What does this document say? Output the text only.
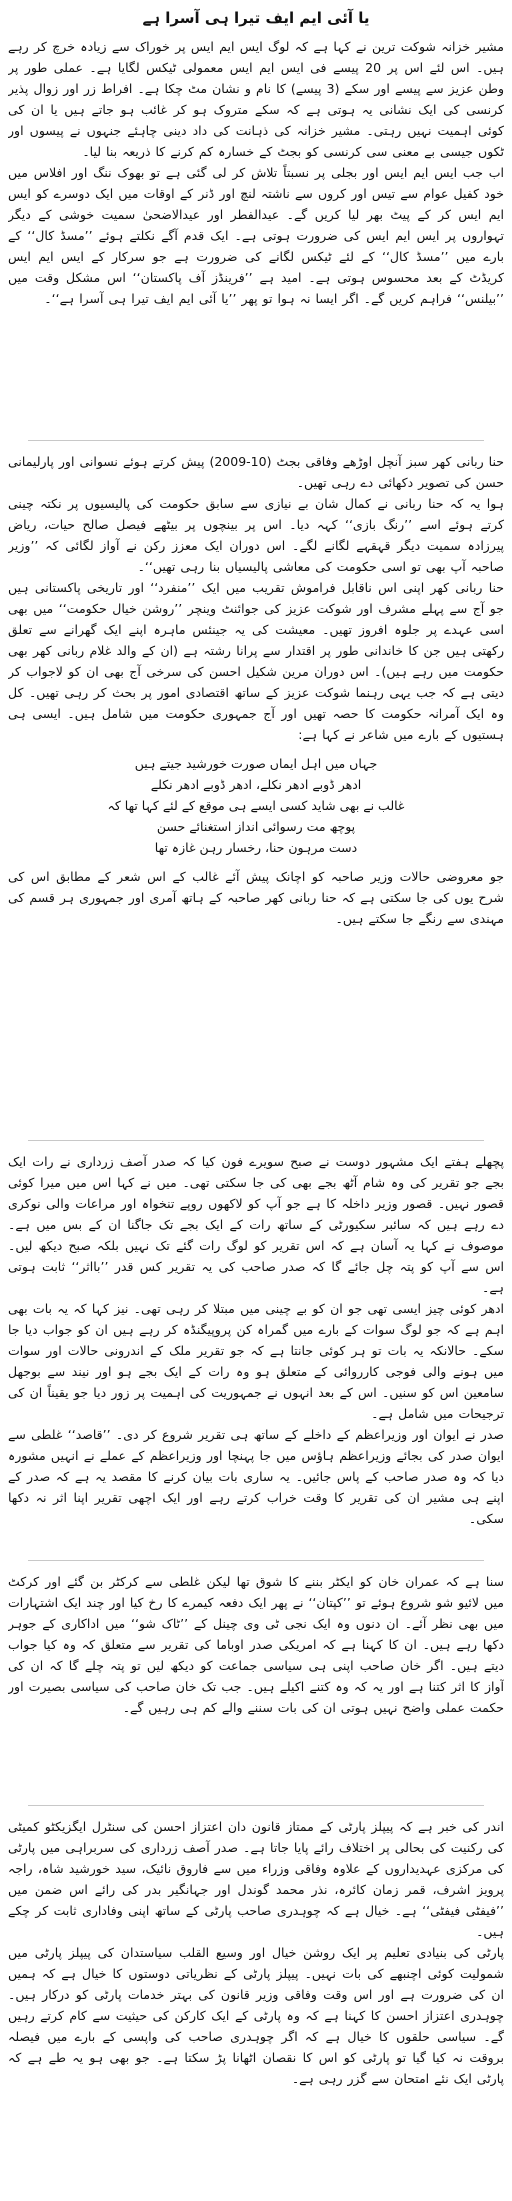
یا آئی ایم ایف تیرا ہی آسرا ہے

مشیر خزانہ شوکت ترین نے کہا ہے کہ لوگ ایس ایم ایس پر خوراک سے زیادہ خرچ کر رہے ہیں۔ اس لئے اس پر 20 پیسے فی ایس ایم ایس معمولی ٹیکس لگایا ہے۔ عملی طور پر وطن عزیز سے پیسے اور سکے (3 پیسے) کا نام و نشان مٹ چکا ہے۔ افراط زر اور زوال پذیر کرنسی کی ایک نشانی یہ ہوتی ہے کہ سکے متروک ہو کر غائب ہو جاتے ہیں یا ان کی کوئی اہمیت نہیں رہتی۔ مشیر خزانہ کی ذہانت کی داد دینی چاہئے جنہوں نے پیسوں اور ٹکوں جیسی بے معنی سی کرنسی کو بجٹ کے خسارہ کم کرنے کا ذریعہ بنا لیا۔

اب جب ایس ایم ایس اور بجلی پر نسبتاً تلاش کر لی گئی ہے تو بھوک ننگ اور افلاس میں خود کفیل عوام سے تیس اور کروں سے ناشتہ لنچ اور ڈنر کے اوقات میں ایک دوسرے کو ایس ایم ایس کر کے پیٹ بھر لیا کریں گے۔ عیدالفطر اور عیدالاضحیٰ سمیت خوشی کے دیگر تہواروں پر ایس ایم ایس کی ضرورت ہوتی ہے۔ ایک قدم آگے نکلتے ہوئے ’’مسڈ کال‘‘ کے بارے میں ’’مسڈ کال‘‘ کے لئے ٹیکس لگانے کی ضرورت ہے جو سرکار کے ایس ایم ایس کریڈٹ کے بعد محسوس ہوتی ہے۔ امید ہے ’’فرینڈز آف پاکستان‘‘ اس مشکل وقت میں ’’بیلنس‘‘ فراہم کریں گے۔ اگر ایسا نہ ہوا تو پھر ’’یا آئی ایم ایف تیرا ہی آسرا ہے‘‘۔

حنا ربانی کھر سبز آنچل اوڑھے وفاقی بجٹ (10-2009) پیش کرتے ہوئے نسوانی اور پارلیمانی حسن کی تصویر دکھائی دے رہی تھیں۔

ہوا یہ کہ حنا ربانی نے کمال شان بے نیازی سے سابق حکومت کی پالیسیوں پر نکتہ چینی کرتے ہوئے اسے ’’رنگ بازی‘‘ کہہ دیا۔ اس پر بینچوں پر بیٹھے فیصل صالح حیات، ریاض پیرزادہ سمیت دیگر قہقہے لگانے لگے۔ اس دوران ایک معزز رکن نے آواز لگائی کہ ’’وزیر صاحبہ آپ بھی تو اسی حکومت کی معاشی پالیسیاں بنا رہی تھیں‘‘۔

حنا ربانی کھر اپنی اس ناقابل فراموش تقریب میں ایک ’’منفرد‘‘ اور تاریخی پاکستانی ہیں جو آج سے پہلے مشرف اور شوکت عزیز کی جوائنٹ وینچر ’’روشن خیال حکومت‘‘ میں بھی اسی عہدے پر جلوہ افروز تھیں۔ معیشت کی یہ جینئس ماہرہ اپنے ایک گھرانے سے تعلق رکھتی ہیں جن کا خاندانی طور پر اقتدار سے پرانا رشتہ ہے (ان کے والد غلام ربانی کھر بھی حکومت میں رہے ہیں)۔ اس دوران مرین شکیل احسن کی سرخی آج بھی ان کو لاجواب کر دیتی ہے کہ جب یہی رہنما شوکت عزیز کے ساتھ اقتصادی امور پر بحث کر رہی تھیں۔ کل وہ ایک آمرانہ حکومت کا حصہ تھیں اور آج جمہوری حکومت میں شامل ہیں۔ ایسی ہی ہستیوں کے بارے میں شاعر نے کہا ہے:

جہاں میں اہل ایماں صورت خورشید جیتے ہیں

ادھر ڈوبے ادھر نکلے، ادھر ڈوبے ادھر نکلے

غالب نے بھی شاید کسی ایسے ہی موقع کے لئے کہا تھا کہ

پوچھ مت رسوائی انداز استغنائے حسن

دست مرہون حنا، رخسار رہن غازہ تھا

جو معروضی حالات وزیر صاحبہ کو اچانک پیش آئے غالب کے اس شعر کے مطابق اس کی شرح یوں کی جا سکتی ہے کہ حنا ربانی کھر صاحبہ کے ہاتھ آمری اور جمہوری ہر قسم کی مہندی سے رنگے جا سکتے ہیں۔

پچھلے ہفتے ایک مشہور دوست نے صبح سویرے فون کیا کہ صدر آصف زرداری نے رات ایک بجے جو تقریر کی وہ شام آٹھ بجے بھی کی جا سکتی تھی۔ میں نے کہا اس میں میرا کوئی قصور نہیں۔ قصور وزیر داخلہ کا ہے جو آپ کو لاکھوں روپے تنخواہ اور مراعات والی نوکری دے رہے ہیں کہ سائبر سکیورٹی کے ساتھ رات کے ایک بجے تک جاگنا ان کے بس میں ہے۔ موصوف نے کہا یہ آسان ہے کہ اس تقریر کو لوگ رات گئے تک نہیں بلکہ صبح دیکھ لیں۔ اس سے آپ کو پتہ چل جائے گا کہ صدر صاحب کی یہ تقریر کس قدر ’’بااثر‘‘ ثابت ہوتی ہے۔

ادھر کوئی چیز ایسی تھی جو ان کو بے چینی میں مبتلا کر رہی تھی۔ نیز کہا کہ یہ بات بھی اہم ہے کہ جو لوگ سوات کے بارے میں گمراہ کن پروپیگنڈہ کر رہے ہیں ان کو جواب دیا جا سکے۔ حالانکہ یہ بات تو ہر کوئی جانتا ہے کہ جو تقریر ملک کے اندرونی حالات اور سوات میں ہونے والی فوجی کارروائی کے متعلق ہو وہ رات کے ایک بجے ہو اور نیند سے بوجھل سامعین اس کو سنیں۔ اس کے بعد انہوں نے جمہوریت کی اہمیت پر زور دیا جو یقیناً ان کی ترجیحات میں شامل ہے۔

صدر نے ایوان اور وزیراعظم کے داخلے کے ساتھ ہی تقریر شروع کر دی۔ ’’قاصد‘‘ غلطی سے ایوان صدر کی بجائے وزیراعظم ہاؤس میں جا پہنچا اور وزیراعظم کے عملے نے انہیں مشورہ دیا کہ وہ صدر صاحب کے پاس جائیں۔ یہ ساری بات بیان کرنے کا مقصد یہ ہے کہ صدر کے اپنے ہی مشیر ان کی تقریر کا وقت خراب کرتے رہے اور ایک اچھی تقریر اپنا اثر نہ دکھا سکی۔

سنا ہے کہ عمران خان کو ایکٹر بننے کا شوق تھا لیکن غلطی سے کرکٹر بن گئے اور کرکٹ میں لائیو شو شروع ہوئے تو ’’کپتان‘‘ نے پھر ایک دفعہ کیمرے کا رخ کیا اور چند ایک اشتہارات میں بھی نظر آئے۔ ان دنوں وہ ایک نجی ٹی وی چینل کے ’’ٹاک شو‘‘ میں اداکاری کے جوہر دکھا رہے ہیں۔ ان کا کہنا ہے کہ امریکی صدر اوباما کی تقریر سے متعلق کہ وہ کیا جواب دیتے ہیں۔ اگر خان صاحب اپنی ہی سیاسی جماعت کو دیکھ لیں تو پتہ چلے گا کہ ان کی آواز کا اثر کتنا ہے اور یہ کہ وہ کتنے اکیلے ہیں۔ جب تک خان صاحب کی سیاسی بصیرت اور حکمت عملی واضح نہیں ہوتی ان کی بات سننے والے کم ہی رہیں گے۔

اندر کی خبر ہے کہ پیپلز پارٹی کے ممتاز قانون دان اعتزاز احسن کی سنٹرل ایگزیکٹو کمیٹی کی رکنیت کی بحالی پر اختلاف رائے پایا جاتا ہے۔ صدر آصف زرداری کی سربراہی میں پارٹی کی مرکزی عہدیداروں کے علاوہ وفاقی وزراء میں سے فاروق نائیک، سید خورشید شاہ، راجہ پرویز اشرف، قمر زمان کائرہ، نذر محمد گوندل اور جہانگیر بدر کی رائے اس ضمن میں ’’فیفٹی فیفٹی‘‘ ہے۔ خیال ہے کہ چوہدری صاحب پارٹی کے ساتھ اپنی وفاداری ثابت کر چکے ہیں۔

پارٹی کی بنیادی تعلیم پر ایک روشن خیال اور وسیع القلب سیاستدان کی پیپلز پارٹی میں شمولیت کوئی اچنبھے کی بات نہیں۔ پیپلز پارٹی کے نظریاتی دوستوں کا خیال ہے کہ ہمیں ان کی ضرورت ہے اور اس وقت وفاقی وزیر قانون کی بہتر خدمات پارٹی کو درکار ہیں۔ چوہدری اعتزاز احسن کا کہنا ہے کہ وہ پارٹی کے ایک کارکن کی حیثیت سے کام کرتے رہیں گے۔ سیاسی حلقوں کا خیال ہے کہ اگر چوہدری صاحب کی واپسی کے بارے میں فیصلہ بروقت نہ کیا گیا تو پارٹی کو اس کا نقصان اٹھانا پڑ سکتا ہے۔ جو بھی ہو یہ طے ہے کہ پارٹی ایک نئے امتحان سے گزر رہی ہے۔
